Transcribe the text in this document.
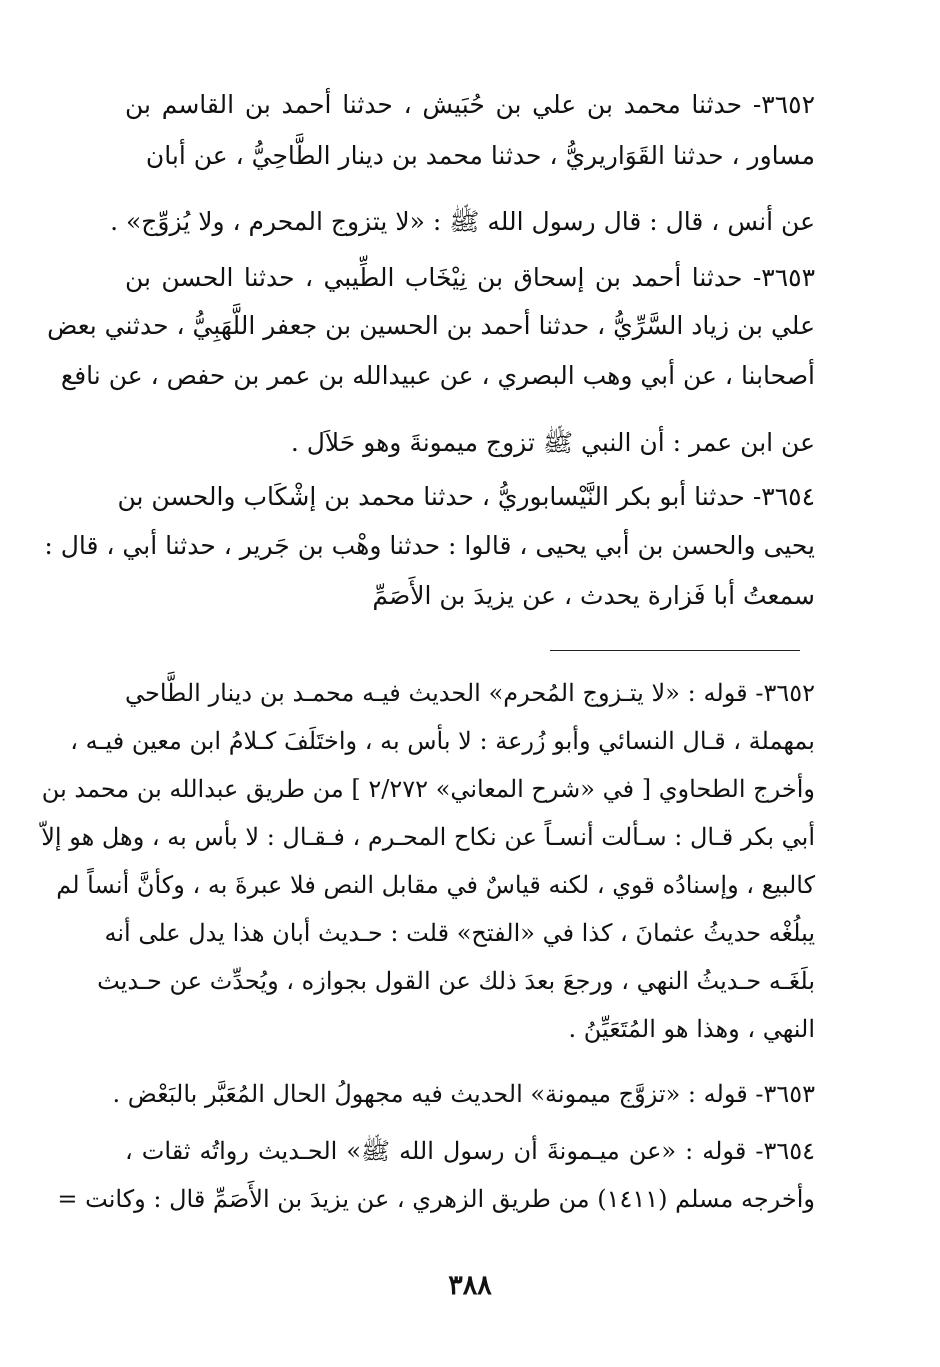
٣٦٥٢- حدثنا محمد بن علي بن حُبَيش ، حدثنا أحمد بن القاسم بن
مساور ، حدثنا القَوَاريريُّ ، حدثنا محمد بن دينار الطَّاحِيُّ ، عن أبان
عن أنس ، قال : قال رسول الله ﷺ : «لا يتزوج المحرم ، ولا يُزوِّج» .
٣٦٥٣- حدثنا أحمد بن إسحاق بن نِيْخَاب الطِّيبي ، حدثنا الحسن بن
علي بن زياد السَّرِّيُّ ، حدثنا أحمد بن الحسين بن جعفر اللَّهَبِيُّ ، حدثني بعض
أصحابنا ، عن أبي وهب البصري ، عن عبيدالله بن عمر بن حفص ، عن نافع
عن ابن عمر : أن النبي ﷺ تزوج ميمونةَ وهو حَلاَل .
٣٦٥٤- حدثنا أبو بكر النَّيْسابوريُّ ، حدثنا محمد بن إشْكَاب والحسن بن
يحيى والحسن بن أبي يحيى ، قالوا : حدثنا وهْب بن جَرير ، حدثنا أبي ، قال :
سمعتُ أبا فَزارة يحدث ، عن يزيدَ بن الأَصَمِّ
٣٦٥٢- قوله : «لا يتـزوج المُحرم» الحديث فيـه محمـد بن دينار الطَّاحي
بمهملة ، قـال النسائي وأبو زُرعة : لا بأس به ، واختَلَفَ كـلامُ ابن معين فيـه ،
وأخرج الطحاوي [ في «شرح المعاني» ٢/٢٧٢ ] من طريق عبدالله بن محمد بن
أبي بكر قـال : سـألت أنسـاً عن نكاح المحـرم ، فـقـال : لا بأس به ، وهل هو إلاّ
كالبيع ، وإسنادُه قوي ، لكنه قياسٌ في مقابل النص فلا عبرةَ به ، وكأنَّ أنساً لم
يبلُغْه حديثُ عثمانَ ، كذا في «الفتح» قلت : حـديث أبان هذا يدل على أنه
بلَغَـه حـديثُ النهي ، ورجعَ بعدَ ذلك عن القول بجوازه ، ويُحدِّث عن حـديث
النهي ، وهذا هو المُتَعَيِّنُ .
٣٦٥٣- قوله : «تزوَّج ميمونة» الحديث فيه مجهولُ الحال المُعَبَّر بالبَعْض .
٣٦٥٤- قوله : «عن ميـمونةَ أن رسول الله ﷺ» الحـديث رواتُه ثقات ،
وأخرجه مسلم (١٤١١) من طريق الزهري ، عن يزيدَ بن الأَصَمِّ قال : وكانت =
٣٨٨
